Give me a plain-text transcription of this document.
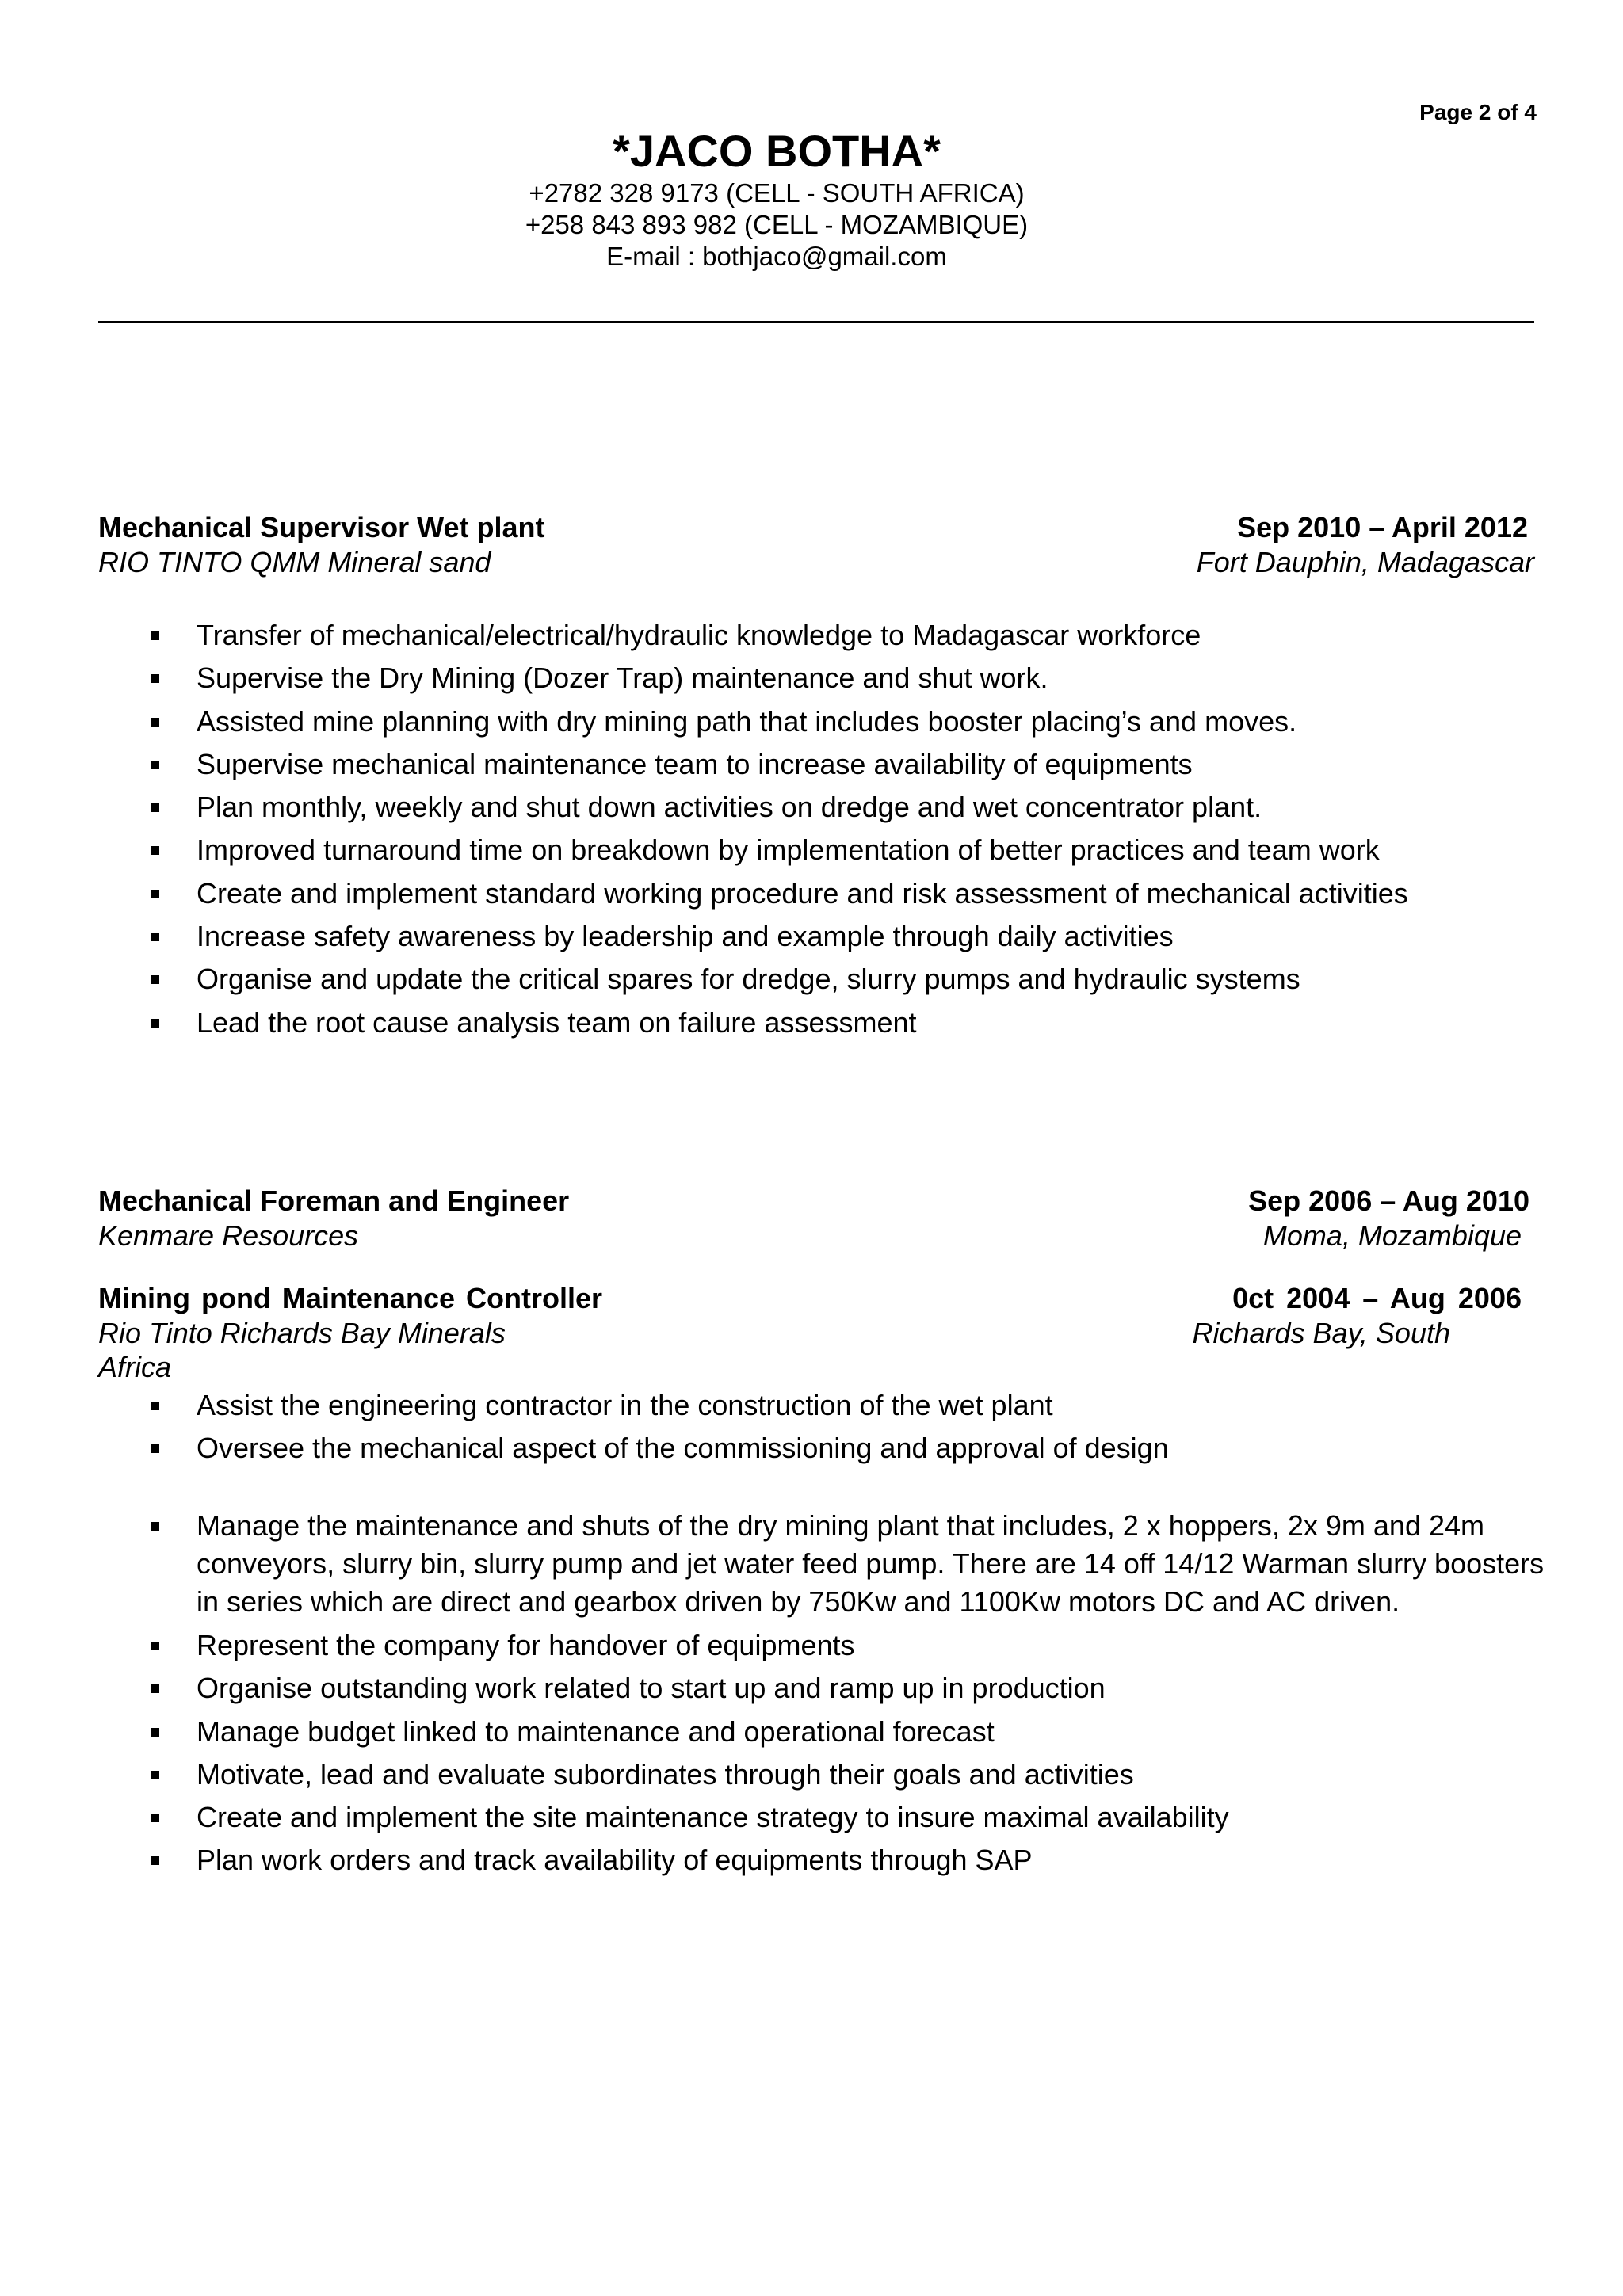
Page 2 of 4
*JACO BOTHA*
+2782 328 9173 (CELL - SOUTH AFRICA)
+258 843 893 982 (CELL - MOZAMBIQUE)
E-mail : bothjaco@gmail.com
Mechanical Supervisor Wet plant	Sep 2010 – April 2012
RIO TINTO QMM Mineral sand	Fort Dauphin, Madagascar
Transfer of mechanical/electrical/hydraulic knowledge to Madagascar workforce
Supervise the Dry Mining (Dozer Trap) maintenance and shut work.
Assisted mine planning with dry mining path that includes booster placing’s and moves.
Supervise mechanical maintenance team to increase availability of equipments
Plan monthly, weekly and shut down activities on dredge and wet concentrator plant.
Improved turnaround time on breakdown by implementation of better practices and team work
Create and implement standard working procedure and risk assessment of mechanical activities
Increase safety awareness by leadership and example through daily activities
Organise and update the critical spares for dredge, slurry pumps and hydraulic systems
Lead the root cause analysis team on failure assessment
Mechanical Foreman and Engineer	Sep 2006 – Aug 2010
Kenmare Resources	Moma, Mozambique
Mining pond Maintenance Controller	0ct 2004 – Aug 2006
Rio Tinto Richards Bay Minerals	Richards Bay, South
Africa
Assist the engineering contractor in the construction of the wet plant
Oversee the mechanical aspect of the commissioning and approval of design
Manage the maintenance and shuts of the dry mining plant that includes, 2 x hoppers, 2x 9m and 24m conveyors, slurry bin, slurry pump and jet water feed pump. There are 14 off 14/12 Warman slurry boosters in series which are direct and gearbox driven by 750Kw and 1100Kw motors DC and AC driven.
Represent the company for handover of equipments
Organise outstanding work related to start up and ramp up in production
Manage budget linked to maintenance and operational forecast
Motivate, lead and evaluate subordinates through their goals and activities
Create and implement the site maintenance strategy to insure maximal availability
Plan work orders and track availability of equipments through SAP
